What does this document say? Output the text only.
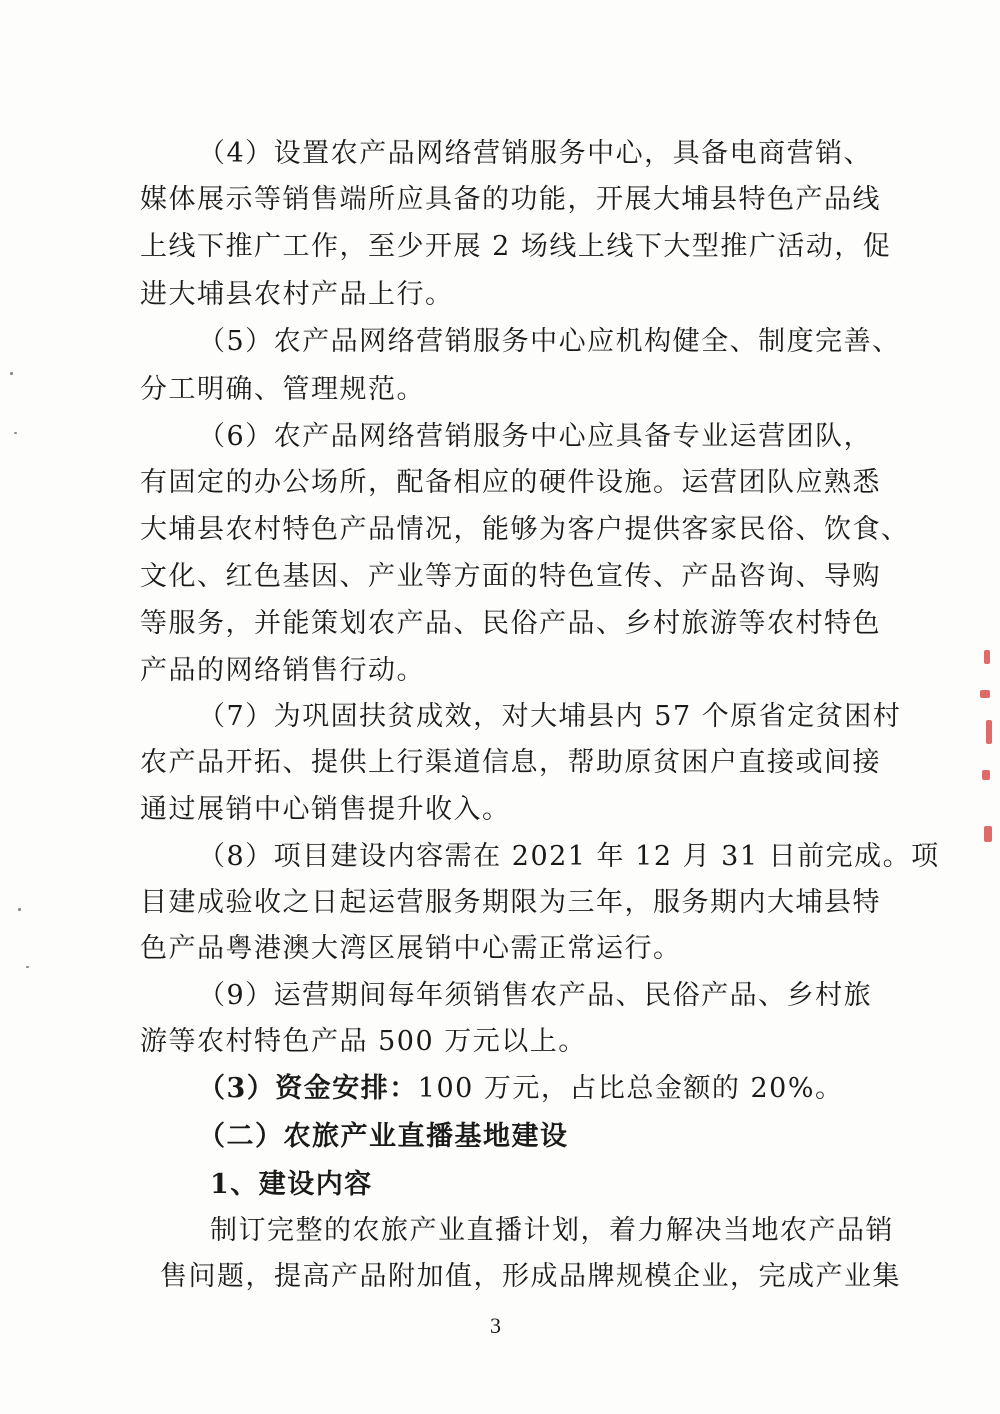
（4）设置农产品网络营销服务中心，具备电商营销、
媒体展示等销售端所应具备的功能，开展大埔县特色产品线
上线下推广工作，至少开展 2 场线上线下大型推广活动，促
进大埔县农村产品上行。
（5）农产品网络营销服务中心应机构健全、制度完善、
分工明确、管理规范。
（6）农产品网络营销服务中心应具备专业运营团队，
有固定的办公场所，配备相应的硬件设施。运营团队应熟悉
大埔县农村特色产品情况，能够为客户提供客家民俗、饮食、
文化、红色基因、产业等方面的特色宣传、产品咨询、导购
等服务，并能策划农产品、民俗产品、乡村旅游等农村特色
产品的网络销售行动。
（7）为巩固扶贫成效，对大埔县内 57 个原省定贫困村
农产品开拓、提供上行渠道信息，帮助原贫困户直接或间接
通过展销中心销售提升收入。
（8）项目建设内容需在 2021 年 12 月 31 日前完成。项
目建成验收之日起运营服务期限为三年，服务期内大埔县特
色产品粤港澳大湾区展销中心需正常运行。
（9）运营期间每年须销售农产品、民俗产品、乡村旅
游等农村特色产品 500 万元以上。
（3）资金安排：100 万元，占比总金额的 20%。
（二）农旅产业直播基地建设
1、建设内容
制订完整的农旅产业直播计划，着力解决当地农产品销
售问题，提高产品附加值，形成品牌规模企业，完成产业集
3
